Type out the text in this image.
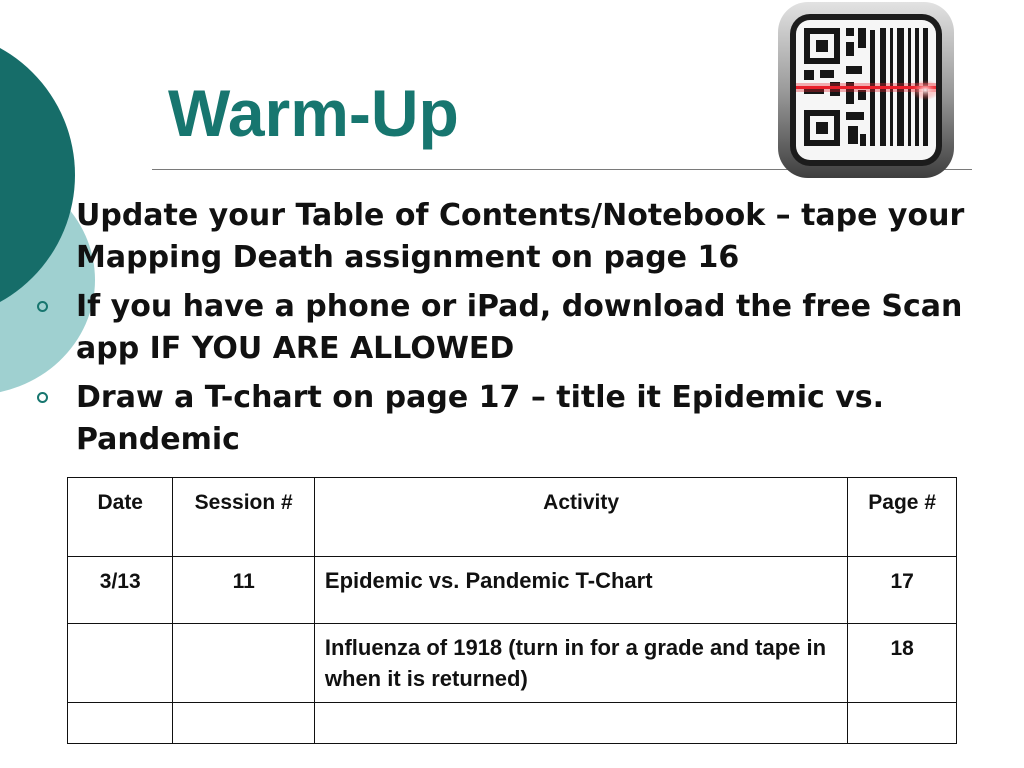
Warm-Up
Update your Table of Contents/Notebook – tape your Mapping Death assignment on page 16
If you have a phone or iPad, download the free Scan app IF YOU ARE ALLOWED
Draw a T-chart on page 17 – title it Epidemic vs. Pandemic
Date	Session #	Activity	Page #
3/13	11	Epidemic vs. Pandemic T-Chart	17
		Influenza of 1918 (turn in for a grade and tape in when it is returned)	18
